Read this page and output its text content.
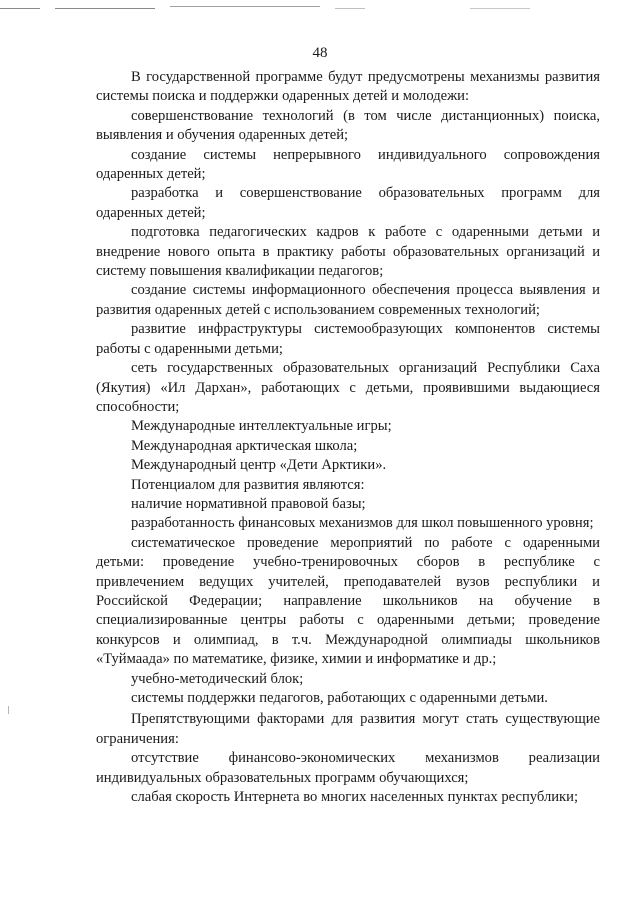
48

В государственной программе будут предусмотрены механизмы развития системы поиска и поддержки одаренных детей и молодежи:

совершенствование технологий (в том числе дистанционных) поиска, выявления и обучения одаренных детей;

создание системы непрерывного индивидуального сопровождения одаренных детей;

разработка и совершенствование образовательных программ для одаренных детей;

подготовка педагогических кадров к работе с одаренными детьми и внедрение нового опыта в практику работы образовательных организаций и систему повышения квалификации педагогов;

создание системы информационного обеспечения процесса выявления и развития одаренных детей с использованием современных технологий;

развитие инфраструктуры системообразующих компонентов системы работы с одаренными детьми;

сеть государственных образовательных организаций Республики Саха (Якутия) «Ил Дархан», работающих с детьми, проявившими выдающиеся способности;

Международные интеллектуальные игры;

Международная арктическая школа;

Международный центр «Дети Арктики».

Потенциалом для развития являются:

наличие нормативной правовой базы;

разработанность финансовых механизмов для школ повышенного уровня;

систематическое проведение мероприятий по работе с одаренными детьми: проведение учебно-тренировочных сборов в республике с привлечением ведущих учителей, преподавателей вузов республики и Российской Федерации; направление школьников на обучение в специализированные центры работы с одаренными детьми; проведение конкурсов и олимпиад, в т.ч. Международной олимпиады школьников «Туймаада» по математике, физике, химии и информатике и др.;

учебно-методический блок;

системы поддержки педагогов, работающих с одаренными детьми.

Препятствующими факторами для развития могут стать существующие ограничения:

отсутствие финансово-экономических механизмов реализации индивидуальных образовательных программ обучающихся;

слабая скорость Интернета во многих населенных пунктах республики;
